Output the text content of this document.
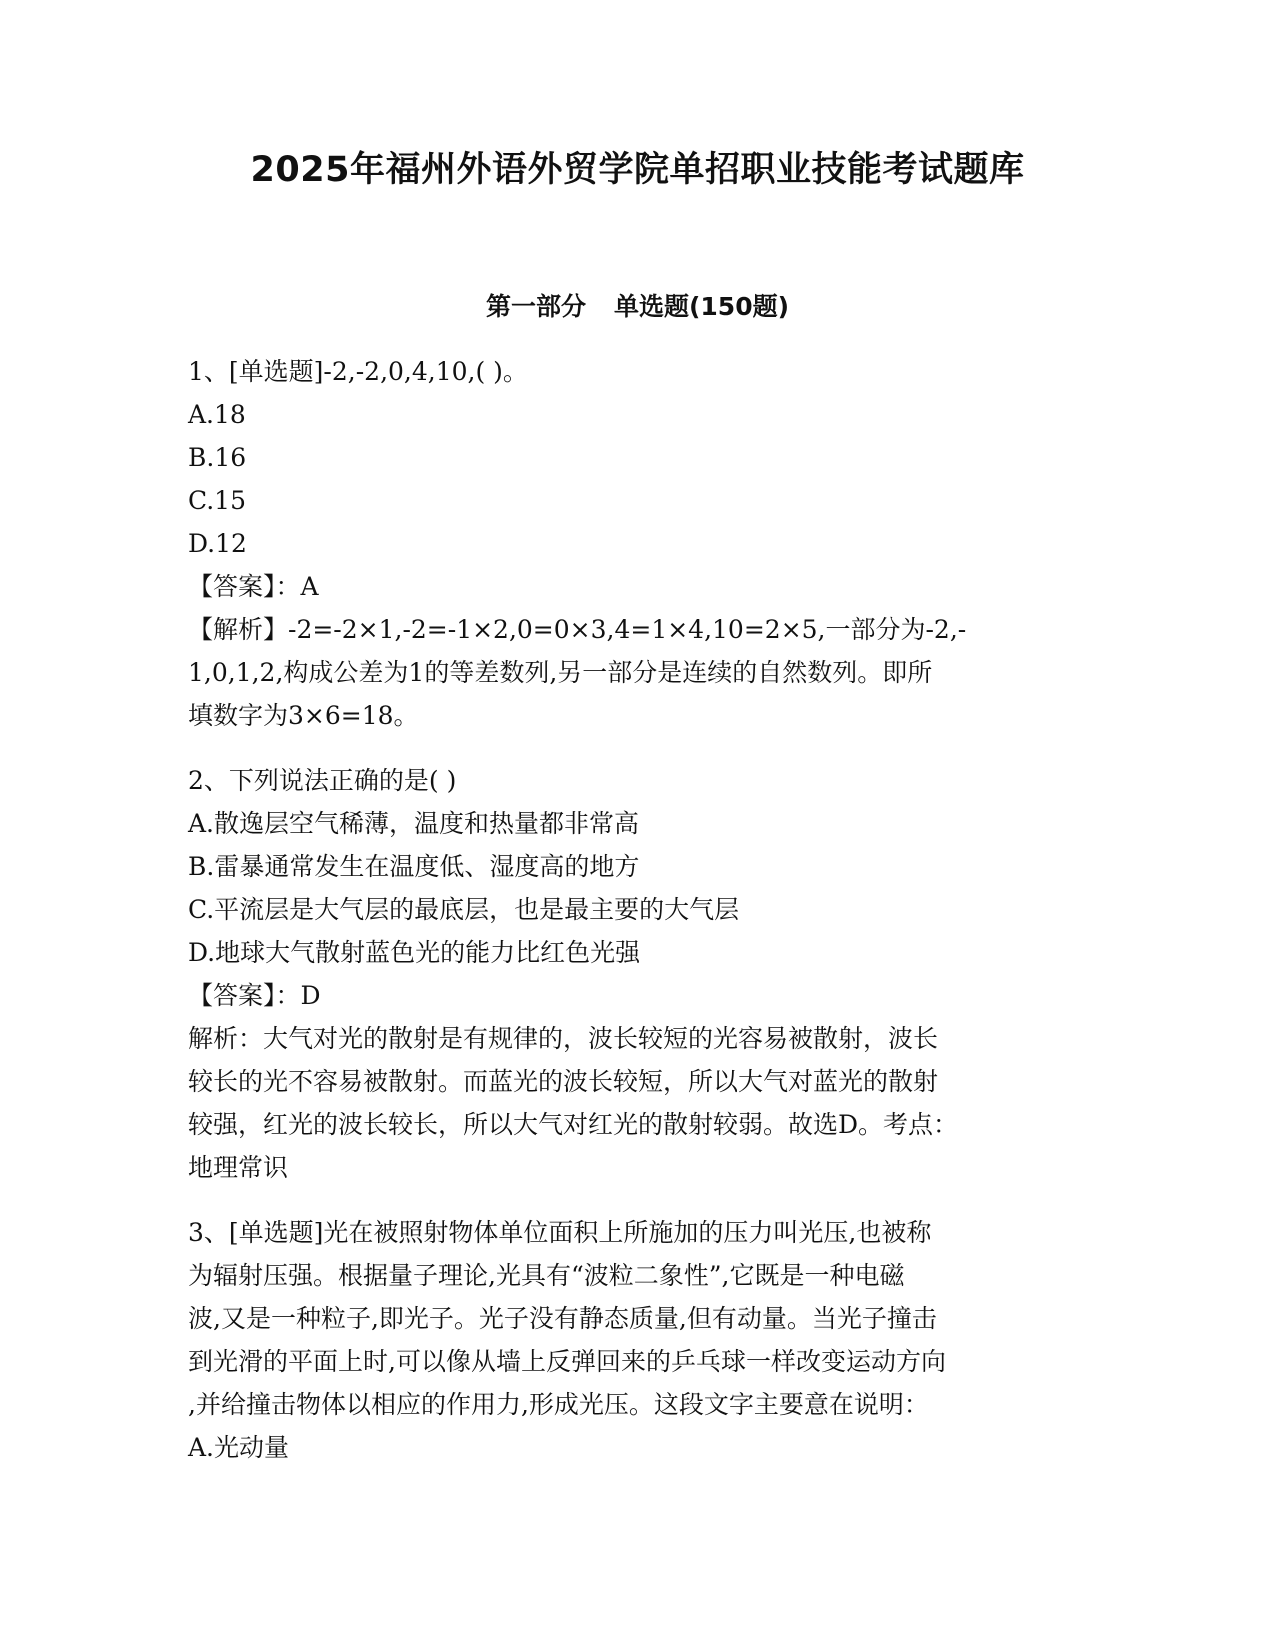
2025年福州外语外贸学院单招职业技能考试题库
第一部分 单选题(150题)
1、[单选题]-2,-2,0,4,10,( )。
A.18
B.16
C.15
D.12
【答案】：A
【解析】-2=-2×1,-2=-1×2,0=0×3,4=1×4,10=2×5,一部分为-2,-
1,0,1,2,构成公差为1的等差数列,另一部分是连续的自然数列。即所
填数字为3×6=18。
2、下列说法正确的是( )
A.散逸层空气稀薄，温度和热量都非常高
B.雷暴通常发生在温度低、湿度高的地方
C.平流层是大气层的最底层，也是最主要的大气层
D.地球大气散射蓝色光的能力比红色光强
【答案】：D
解析：大气对光的散射是有规律的，波长较短的光容易被散射，波长
较长的光不容易被散射。而蓝光的波长较短，所以大气对蓝光的散射
较强，红光的波长较长，所以大气对红光的散射较弱。故选D。考点：
地理常识
3、[单选题]光在被照射物体单位面积上所施加的压力叫光压,也被称
为辐射压强。根据量子理论,光具有“波粒二象性”,它既是一种电磁
波,又是一种粒子,即光子。光子没有静态质量,但有动量。当光子撞击
到光滑的平面上时,可以像从墙上反弹回来的乒乓球一样改变运动方向
,并给撞击物体以相应的作用力,形成光压。这段文字主要意在说明：
A.光动量
